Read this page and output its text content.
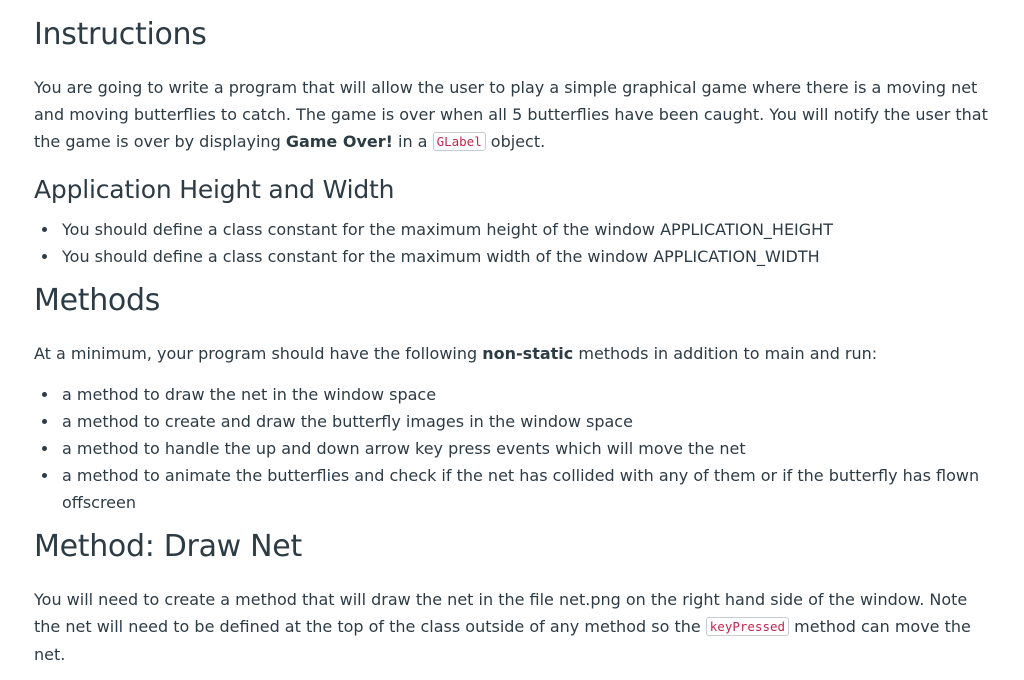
Instructions

You are going to write a program that will allow the user to play a simple graphical game where there is a moving net and moving butterflies to catch. The game is over when all 5 butterflies have been caught. You will notify the user that the game is over by displaying Game Over! in a GLabel object.

Application Height and Width
You should define a class constant for the maximum height of the window APPLICATION_HEIGHT
You should define a class constant for the maximum width of the window APPLICATION_WIDTH
Methods

At a minimum, your program should have the following non-static methods in addition to main and run:

a method to draw the net in the window space
a method to create and draw the butterfly images in the window space
a method to handle the up and down arrow key press events which will move the net
a method to animate the butterflies and check if the net has collided with any of them or if the butterfly has flown offscreen
Method: Draw Net

You will need to create a method that will draw the net in the file net.png on the right hand side of the window. Note the net will need to be defined at the top of the class outside of any method so the keyPressed method can move the net.
